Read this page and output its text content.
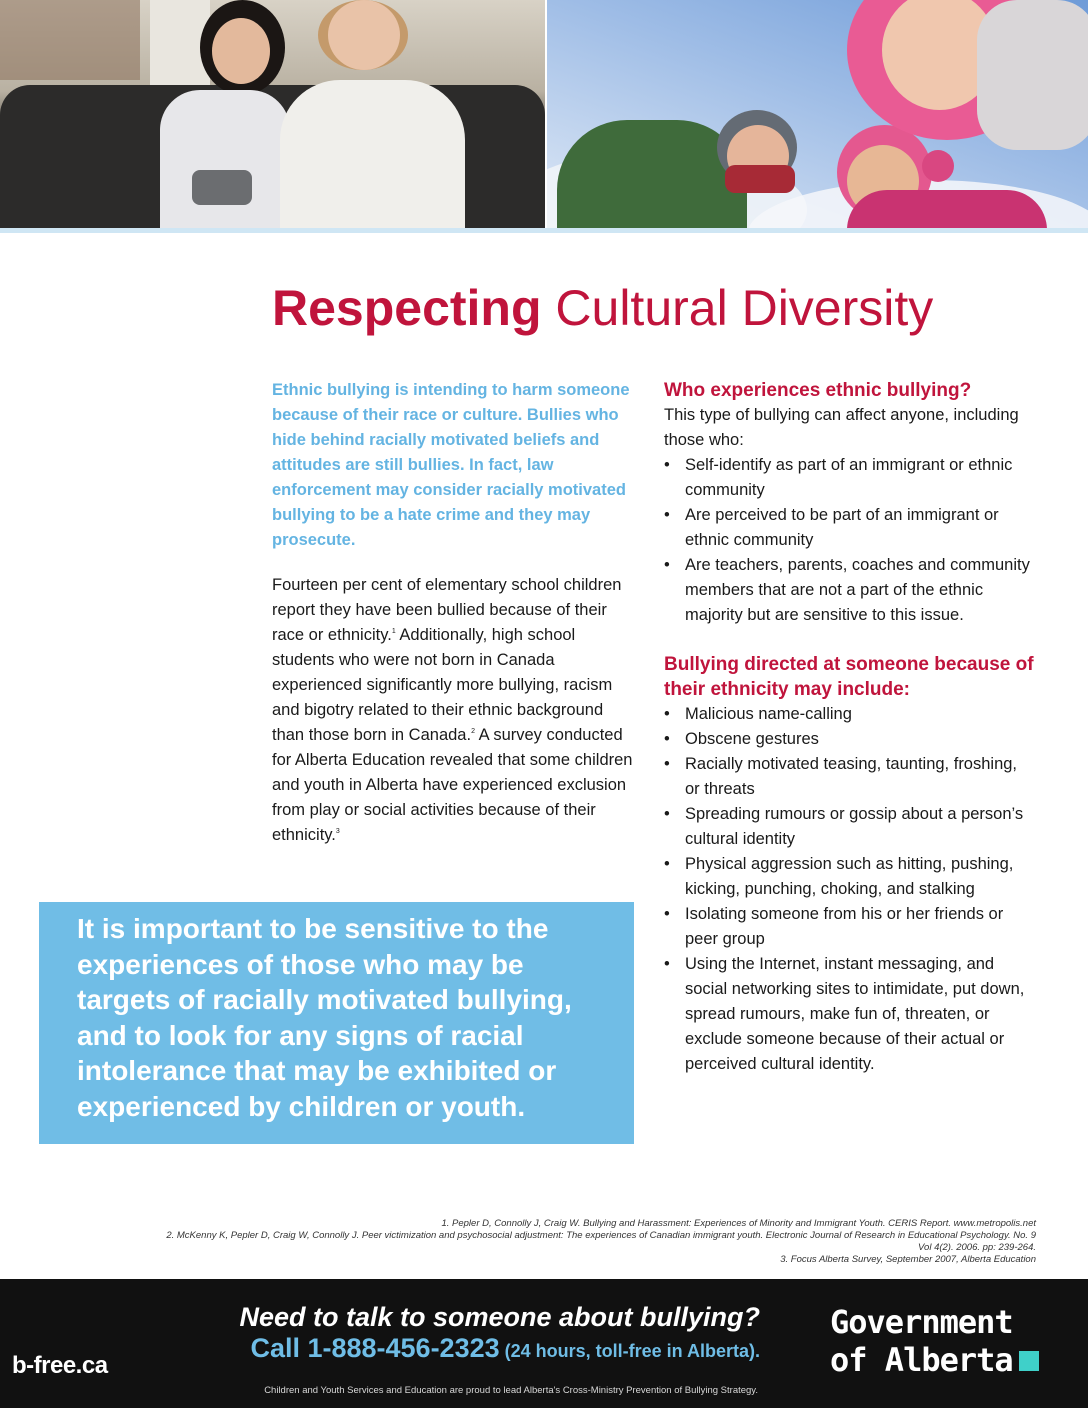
Respecting Cultural Diversity

Ethnic bullying is intending to harm someone because of their race or culture. Bullies who hide behind racially motivated beliefs and attitudes are still bullies. In fact, law enforcement may consider racially motivated bullying to be a hate crime and they may prosecute.

Fourteen per cent of elementary school children report they have been bullied because of their race or ethnicity.$^1$ Additionally, high school students who were not born in Canada experienced significantly more bullying, racism and bigotry related to their ethnic background than those born in Canada.$^2$ A survey conducted for Alberta Education revealed that some children and youth in Alberta have experienced exclusion from play or social activities because of their ethnicity.$^3$

It is important to be sensitive to the experiences of those who may be targets of racially motivated bullying, and to look for any signs of racial intolerance that may be exhibited or experienced by children or youth.

Who experiences ethnic bullying?

This type of bullying can affect anyone, including those who:

• Self-identify as part of an immigrant or ethnic community
• Are perceived to be part of an immigrant or ethnic community
• Are teachers, parents, coaches and community members that are not a part of the ethnic majority but are sensitive to this issue.
Bullying directed at someone because of their ethnicity may include:
• Malicious name-calling
• Obscene gestures
• Racially motivated teasing, taunting, froshing, or threats
• Spreading rumours or gossip about a person’s cultural identity
• Physical aggression such as hitting, pushing, kicking, punching, choking, and stalking
• Isolating someone from his or her friends or peer group
• Using the Internet, instant messaging, and social networking sites to intimidate, put down, spread rumours, make fun of, threaten, or exclude someone because of their actual or perceived cultural identity.
1. Pepler D, Connolly J, Craig W. Bullying and Harassment: Experiences of Minority and Immigrant Youth. CERIS Report. www.metropolis.net
2. McKenny K, Pepler D, Craig W, Connolly J. Peer victimization and psychosocial adjustment: The experiences of Canadian immigrant youth. Electronic Journal of Research in Educational Psychology. No. 9
Vol 4(2). 2006. pp: 239-264.
3. Focus Alberta Survey, September 2007, Alberta Education
Need to talk to someone about bullying?
Call 1-888-456-2323 (24 hours, toll-free in Alberta).
b-free.ca
Children and Youth Services and Education are proud to lead Alberta's Cross-Ministry Prevention of Bullying Strategy.
Government
of Alberta
